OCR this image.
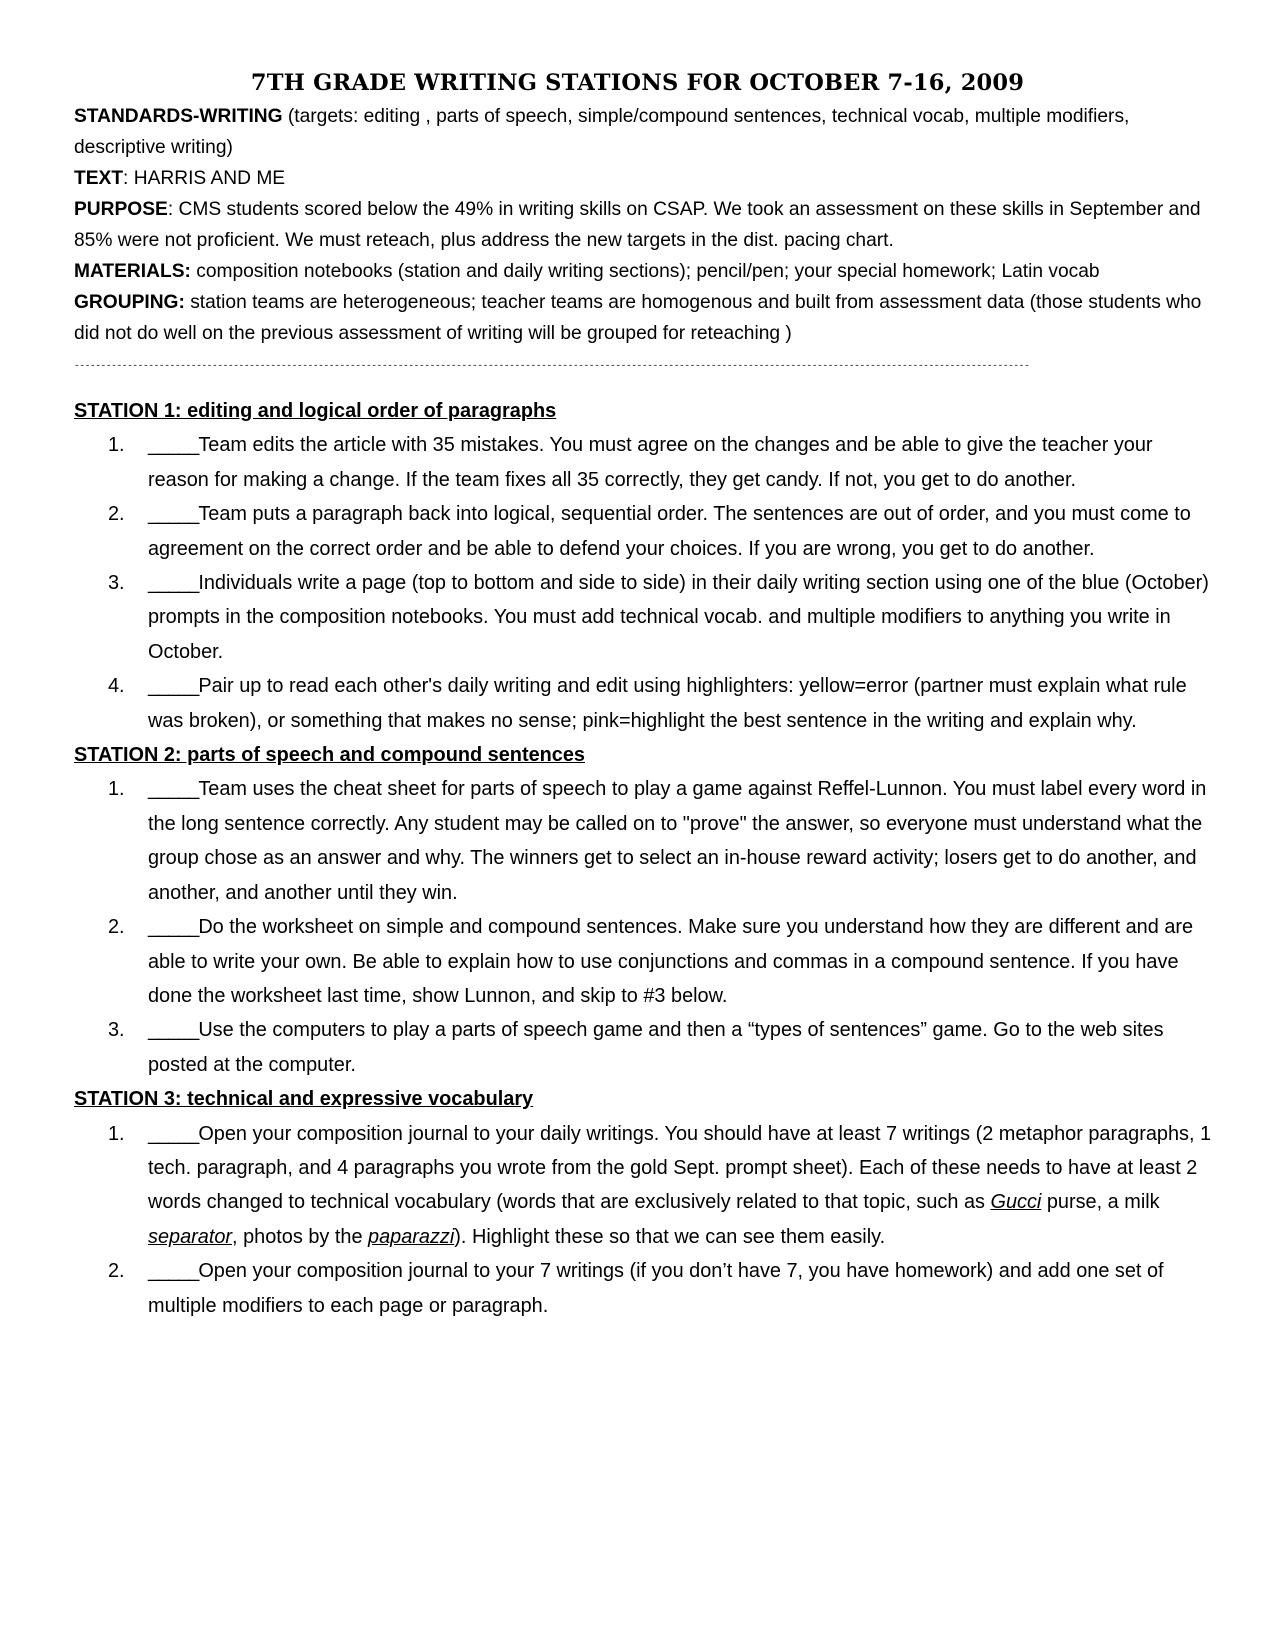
7TH GRADE WRITING STATIONS FOR OCTOBER 7-16, 2009

STANDARDS-WRITING (targets: editing , parts of speech, simple/compound sentences, technical vocab, multiple modifiers, descriptive writing)

TEXT: HARRIS AND ME

PURPOSE: CMS students scored below the 49% in writing skills on CSAP. We took an assessment on these skills in September and 85% were not proficient. We must reteach, plus address the new targets in the dist. pacing chart.

MATERIALS: composition notebooks (station and daily writing sections); pencil/pen; your special homework; Latin vocab

GROUPING: station teams are heterogeneous; teacher teams are homogenous and built from assessment data (those students who did not do well on the previous assessment of writing will be grouped for reteaching )

------------------------------------------------------------------------------------------------------------------------------------------------------------------------------------
STATION 1: editing and logical order of paragraphs
1. _____Team edits the article with 35 mistakes. You must agree on the changes and be able to give the teacher your reason for making a change. If the team fixes all 35 correctly, they get candy. If not, you get to do another.
2. _____Team puts a paragraph back into logical, sequential order. The sentences are out of order, and you must come to agreement on the correct order and be able to defend your choices. If you are wrong, you get to do another.
3. _____Individuals write a page (top to bottom and side to side) in their daily writing section using one of the blue (October) prompts in the composition notebooks. You must add technical vocab. and multiple modifiers to anything you write in October.
4. _____Pair up to read each other's daily writing and edit using highlighters: yellow=error (partner must explain what rule was broken), or something that makes no sense; pink=highlight the best sentence in the writing and explain why.
STATION 2: parts of speech and compound sentences
1. _____Team uses the cheat sheet for parts of speech to play a game against Reffel-Lunnon. You must label every word in the long sentence correctly. Any student may be called on to "prove" the answer, so everyone must understand what the group chose as an answer and why. The winners get to select an in-house reward activity; losers get to do another, and another, and another until they win.
2. _____Do the worksheet on simple and compound sentences. Make sure you understand how they are different and are able to write your own. Be able to explain how to use conjunctions and commas in a compound sentence. If you have done the worksheet last time, show Lunnon, and skip to #3 below.
3. _____Use the computers to play a parts of speech game and then a “types of sentences” game. Go to the web sites posted at the computer.
STATION 3: technical and expressive vocabulary
1. _____Open your composition journal to your daily writings. You should have at least 7 writings (2 metaphor paragraphs, 1 tech. paragraph, and 4 paragraphs you wrote from the gold Sept. prompt sheet). Each of these needs to have at least 2 words changed to technical vocabulary (words that are exclusively related to that topic, such as Gucci purse, a milk separator, photos by the paparazzi). Highlight these so that we can see them easily.
2. _____Open your composition journal to your 7 writings (if you don’t have 7, you have homework) and add one set of multiple modifiers to each page or paragraph.
